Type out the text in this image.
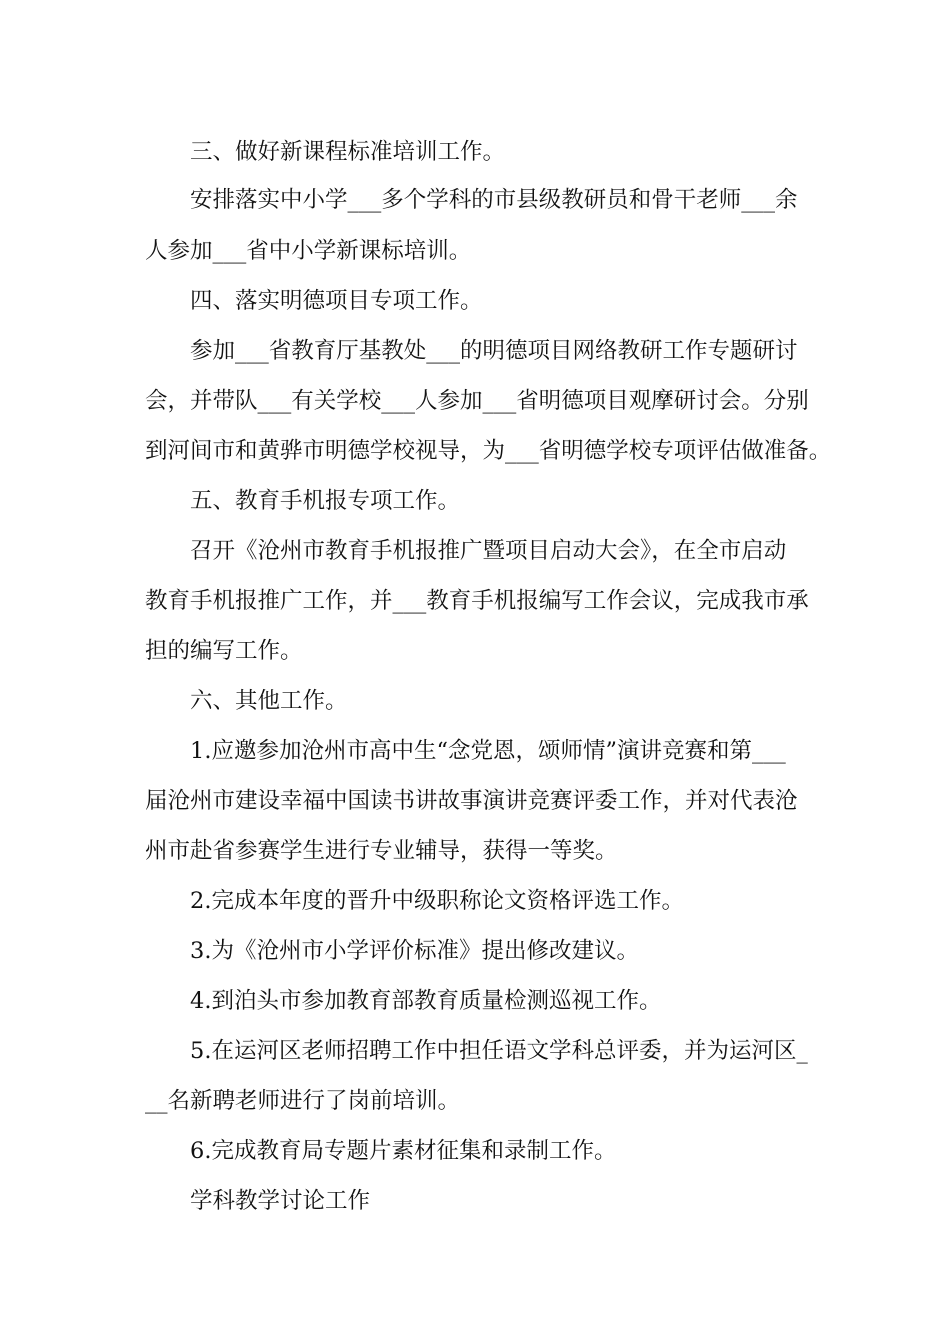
三、做好新课程标准培训工作。
安排落实中小学___多个学科的市县级教研员和骨干老师___余
人参加___省中小学新课标培训。
四、落实明德项目专项工作。
参加___省教育厅基教处___的明德项目网络教研工作专题研讨
会，并带队___有关学校___人参加___省明德项目观摩研讨会。分别
到河间市和黄骅市明德学校视导，为___省明德学校专项评估做准备。
五、教育手机报专项工作。
召开《沧州市教育手机报推广暨项目启动大会》，在全市启动
教育手机报推广工作，并___教育手机报编写工作会议，完成我市承
担的编写工作。
六、其他工作。
1.应邀参加沧州市高中生“念党恩，颂师情”演讲竞赛和第___
届沧州市建设幸福中国读书讲故事演讲竞赛评委工作，并对代表沧
州市赴省参赛学生进行专业辅导，获得一等奖。
2.完成本年度的晋升中级职称论文资格评选工作。
3.为《沧州市小学评价标准》提出修改建议。
4.到泊头市参加教育部教育质量检测巡视工作。
5.在运河区老师招聘工作中担任语文学科总评委，并为运河区_
__名新聘老师进行了岗前培训。
6.完成教育局专题片素材征集和录制工作。
学科教学讨论工作
